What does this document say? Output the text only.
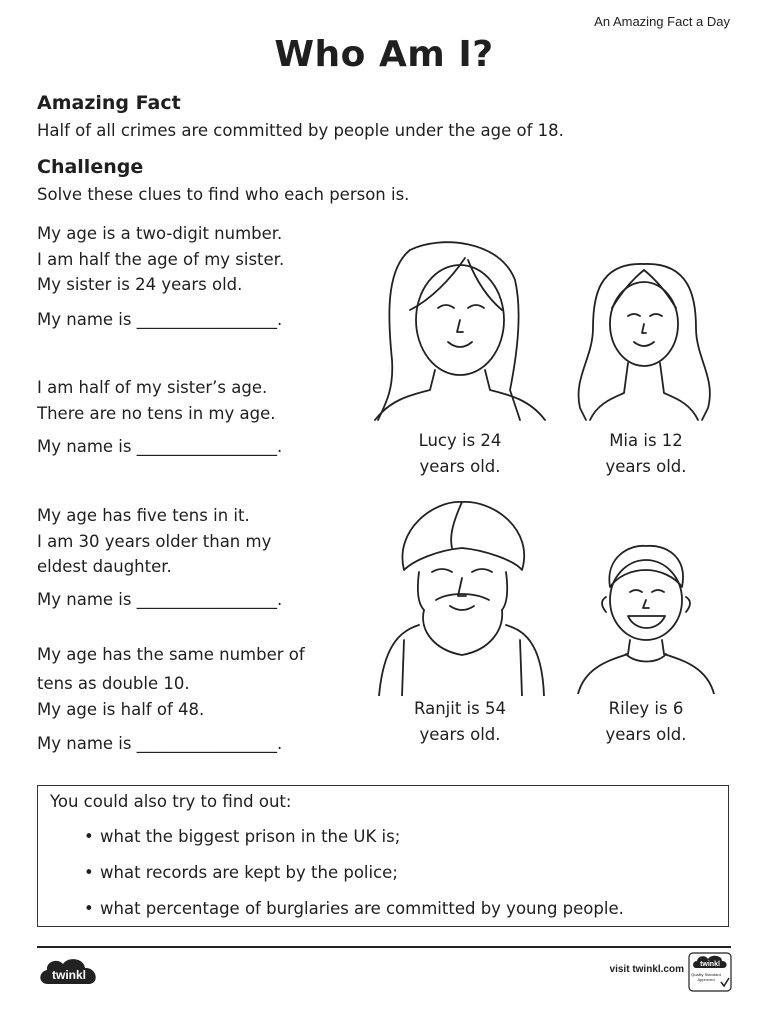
An Amazing Fact a Day
Who Am I?
Amazing Fact
Half of all crimes are committed by people under the age of 18.
Challenge
Solve these clues to find who each person is.
My age is a two-digit number.
I am half the age of my sister.
My sister is 24 years old.
My name is _________________.
I am half of my sister’s age.
There are no tens in my age.
My name is _________________.
My age has five tens in it.
I am 30 years older than my
eldest daughter.
My name is _________________.
My age has the same number of
tens as double 10.
My age is half of 48.
My name is _________________.
Lucy is 24
years old.
Mia is 12
years old.
Ranjit is 54
years old.
Riley is 6
years old.
You could also try to find out:
• what the biggest prison in the UK is;
• what records are kept by the police;
• what percentage of burglaries are committed by young people.
twinkl	visit twinkl.com twinkl
Quality Standard Approved
